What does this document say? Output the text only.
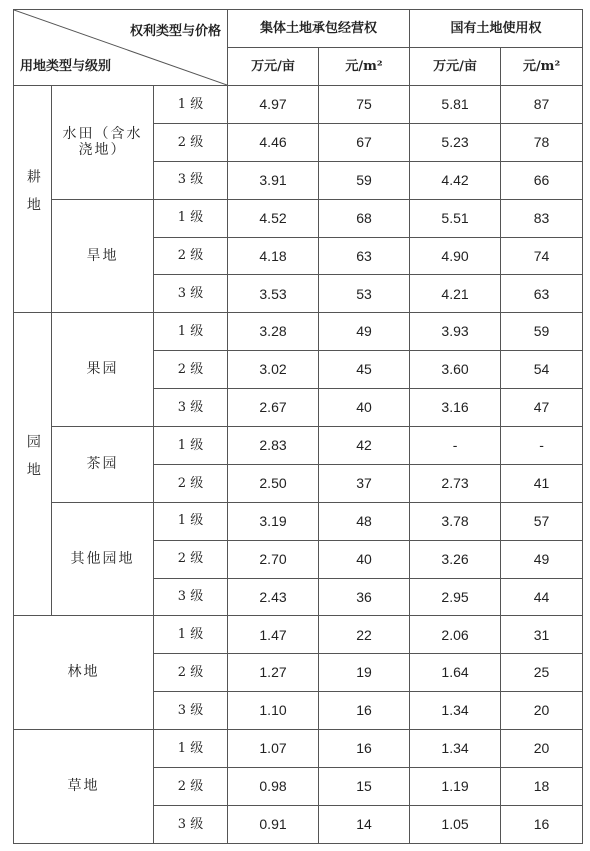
权利类型与价格
用地类型与级别			集体土地承包经营权		国有土地使用权	
			万元/亩	元/m²	万元/亩	元/m²
耕地	水田（含水浇地）	1 级	4.97	75	5.81	87
		2 级	4.46	67	5.23	78
		3 级	3.91	59	4.42	66
	旱地	1 级	4.52	68	5.51	83
		2 级	4.18	63	4.90	74
		3 级	3.53	53	4.21	63
园地	果园	1 级	3.28	49	3.93	59
		2 级	3.02	45	3.60	54
		3 级	2.67	40	3.16	47
	茶园	1 级	2.83	42	-	-
		2 级	2.50	37	2.73	41
	其他园地	1 级	3.19	48	3.78	57
		2 级	2.70	40	3.26	49
		3 级	2.43	36	2.95	44
林地		1 级	1.47	22	2.06	31
		2 级	1.27	19	1.64	25
		3 级	1.10	16	1.34	20
草地		1 级	1.07	16	1.34	20
		2 级	0.98	15	1.19	18
		3 级	0.91	14	1.05	16
